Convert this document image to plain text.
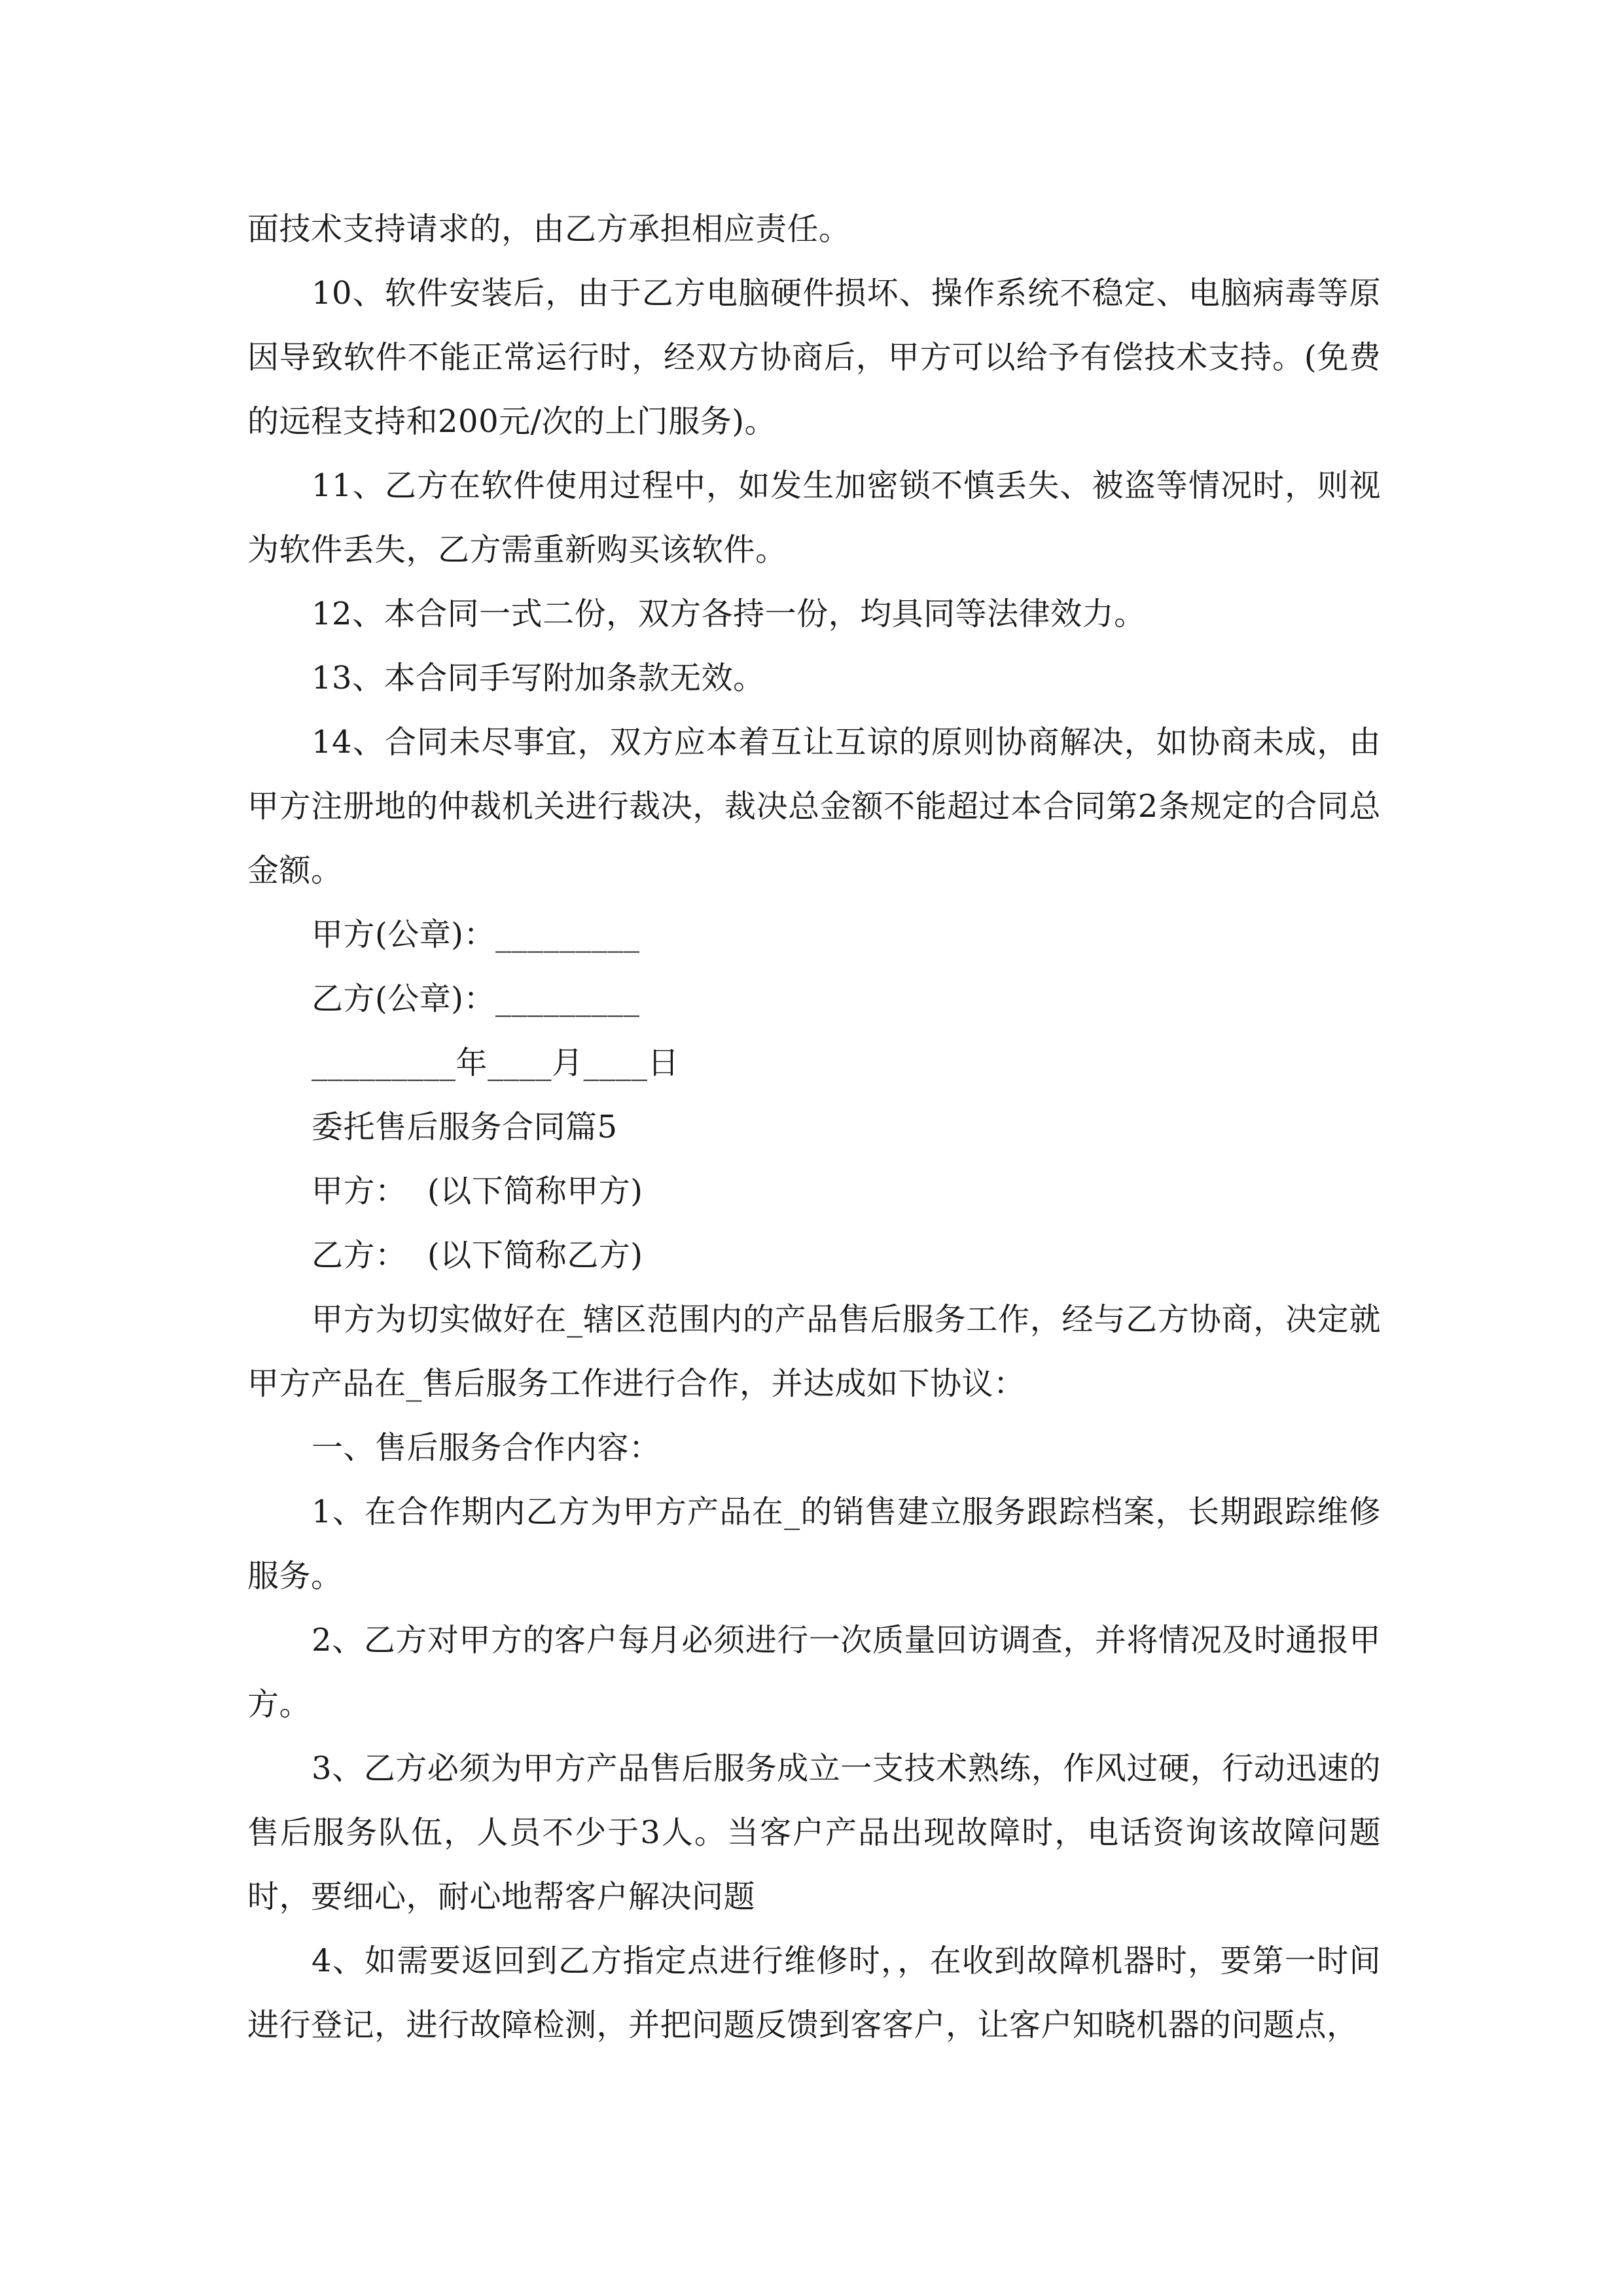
面技术支持请求的，由乙方承担相应责任。

10、软件安装后，由于乙方电脑硬件损坏、操作系统不稳定、电脑病毒等原因导致软件不能正常运行时，经双方协商后，甲方可以给予有偿技术支持。(免费的远程支持和200元/次的上门服务)。

11、乙方在软件使用过程中，如发生加密锁不慎丢失、被盗等情况时，则视为软件丢失，乙方需重新购买该软件。

12、本合同一式二份，双方各持一份，均具同等法律效力。

13、本合同手写附加条款无效。

14、合同未尽事宜，双方应本着互让互谅的原则协商解决，如协商未成，由甲方注册地的仲裁机关进行裁决，裁决总金额不能超过本合同第2条规定的合同总金额。

甲方(公章)：_________

乙方(公章)：_________

_________年____月____日

委托售后服务合同篇5

甲方：  (以下简称甲方)

乙方：  (以下简称乙方)

甲方为切实做好在_辖区范围内的产品售后服务工作，经与乙方协商，决定就甲方产品在_售后服务工作进行合作，并达成如下协议：

一、售后服务合作内容：

1、在合作期内乙方为甲方产品在_的销售建立服务跟踪档案，长期跟踪维修服务。

2、乙方对甲方的客户每月必须进行一次质量回访调查，并将情况及时通报甲方。

3、乙方必须为甲方产品售后服务成立一支技术熟练，作风过硬，行动迅速的售后服务队伍，人员不少于3人。当客户产品出现故障时，电话资询该故障问题时，要细心，耐心地帮客户解决问题

4、如需要返回到乙方指定点进行维修时，，在收到故障机器时，要第一时间进行登记，进行故障检测，并把问题反馈到客客户，让客户知晓机器的问题点，
